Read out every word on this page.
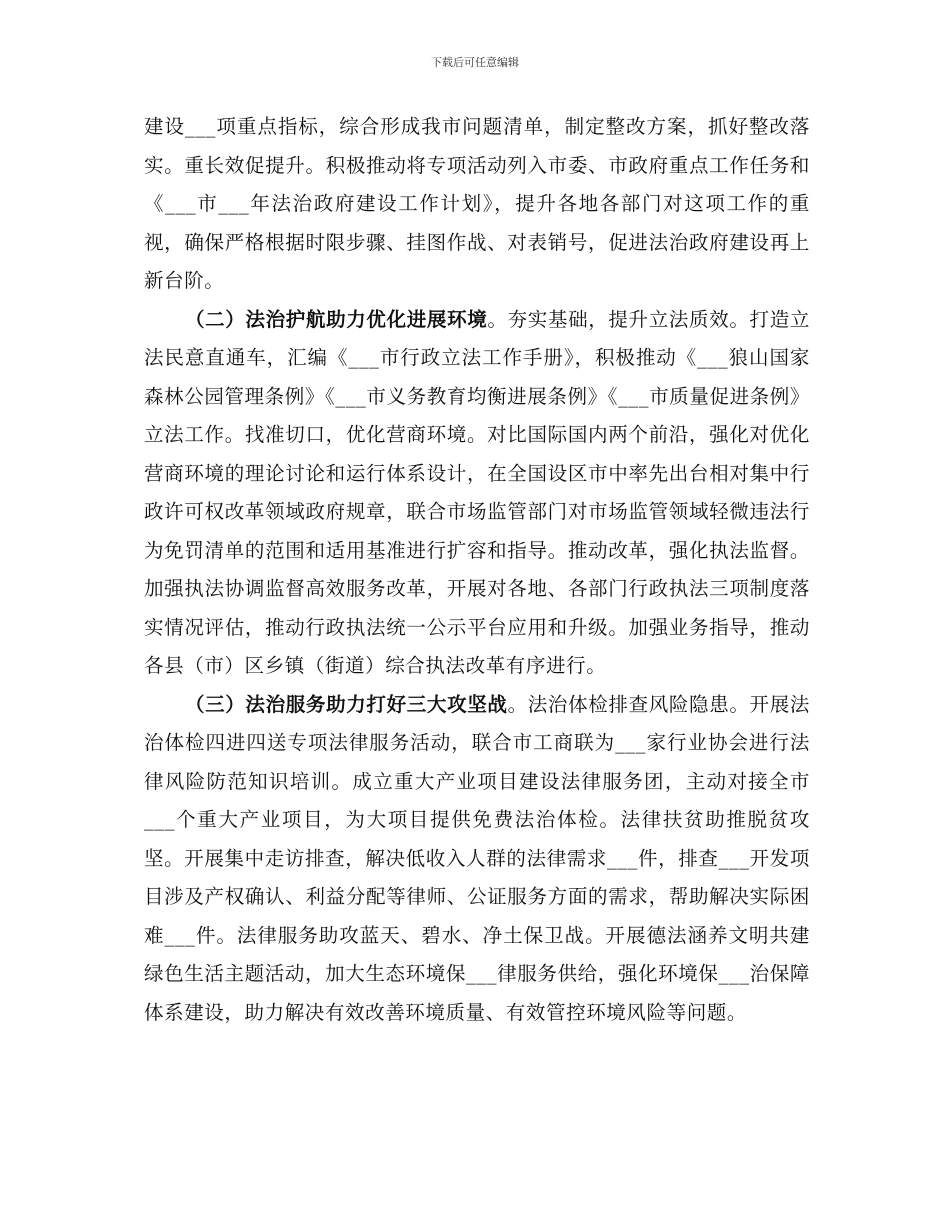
下载后可任意编辑

建设___项重点指标，综合形成我市问题清单，制定整改方案，抓好整改落实。重长效促提升。积极推动将专项活动列入市委、市政府重点工作任务和《___市___年法治政府建设工作计划》，提升各地各部门对这项工作的重视，确保严格根据时限步骤、挂图作战、对表销号，促进法治政府建设再上新台阶。

（二）法治护航助力优化进展环境。夯实基础，提升立法质效。打造立法民意直通车，汇编《___市行政立法工作手册》，积极推动《___狼山国家森林公园管理条例》《___市义务教育均衡进展条例》《___市质量促进条例》立法工作。找准切口，优化营商环境。对比国际国内两个前沿，强化对优化营商环境的理论讨论和运行体系设计，在全国设区市中率先出台相对集中行政许可权改革领域政府规章，联合市场监管部门对市场监管领域轻微违法行为免罚清单的范围和适用基准进行扩容和指导。推动改革，强化执法监督。加强执法协调监督高效服务改革，开展对各地、各部门行政执法三项制度落实情况评估，推动行政执法统一公示平台应用和升级。加强业务指导，推动各县（市）区乡镇（街道）综合执法改革有序进行。

（三）法治服务助力打好三大攻坚战。法治体检排查风险隐患。开展法治体检四进四送专项法律服务活动，联合市工商联为___家行业协会进行法律风险防范知识培训。成立重大产业项目建设法律服务团，主动对接全市___个重大产业项目，为大项目提供免费法治体检。法律扶贫助推脱贫攻坚。开展集中走访排查，解决低收入人群的法律需求___件，排查___开发项目涉及产权确认、利益分配等律师、公证服务方面的需求，帮助解决实际困难___件。法律服务助攻蓝天、碧水、净土保卫战。开展德法涵养文明共建绿色生活主题活动，加大生态环境保___律服务供给，强化环境保___治保障体系建设，助力解决有效改善环境质量、有效管控环境风险等问题。
